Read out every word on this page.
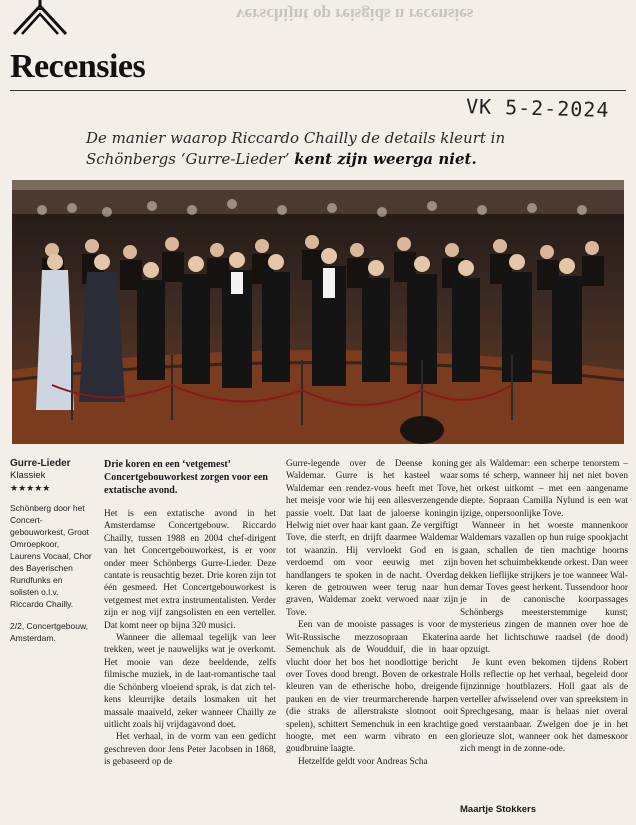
verschijnt op reisgids n recensies
Recensies
VK 5-2-2024
De manier waarop Riccardo Chailly de details kleurt in Schönbergs ‘Gurre-Lieder’ kent zijn weerga niet.
Gurre-Lieder
Klassiek
★★★★★

Schönberg door het Concertgebouworkest, Groot Omroepkoor, Laurens Vocaal, Chor des Bayerischen Rundfunks en solisten o.l.v. Riccardo Chailly.

2/2, Concertgebouw, Amsterdam.

Drie koren en een ‘vetgemest’ Concertgebouworkest zorgen voor een extatische avond.

Het is een extatische avond in het Amsterdamse Concertgebouw. Riccardo Chailly, tussen 1988 en 2004 chef-dirigent van het Concertgebouworkest, is er voor onder meer Schönbergs Gurre-Lieder. Deze cantate is reusachtig bezet. Drie koren zijn tot één gesmeed. Het Concertgebouworkest is vetgemest met extra instrumentalisten. Verder zijn er nog vijf zangsolisten en een verteller. Dat komt neer op bijna 320 musici.

Wanneer die allemaal tegelijk van leer trekken, weet je nauwelijks wat je overkomt. Het mooie van deze beeldende, zelfs filmische muziek, in de laat-romantische taal die Schönberg vloeiend sprak, is dat zich telkens kleurrijke details losmaken uit het massale maaiveld, zeker wanneer Chailly ze uitlicht zoals hij vrijdagavond doet.

Het verhaal, in de vorm van een gedicht geschreven door Jens Peter Jacobsen in 1868, is gebaseerd op de

Gurre-legende over de Deense koning Waldemar. Gurre is het kasteel waar Waldemar een rendez-vous heeft met Tove, het meisje voor wie hij een allesverzengende passie voelt. Dat laat de jaloerse koningin Helwig niet over haar kant gaan. Ze vergiftigt Tove, die sterft, en drijft daarmee Waldemar tot waanzin. Hij vervloekt God en is verdoemd om voor eeuwig met zijn handlangers te spoken in de nacht. Overdag keren de getrouwen weer terug naar hun graven, Waldemar zoekt verwoed naar zijn Tove.

Een van de mooiste passages is voor de Wit-Russische mezzosopraan Ekaterina Semenchuk als de Woudduif, die in haar vlucht door het bos het noodlottige bericht over Toves dood brengt. Boven de orkestrale kleuren van de etherische hobo, dreigende pauken en de vier treurmarcherende harpen (die straks de allerstrakste slotnoot ooit spelen), schittert Semenchuk in een krachtige hoogte, met een warm vibrato en een goudbruine laagte.

Hetzelfde geldt voor Andreas Scha

ger als Waldemar: een scherpe tenorstem – soms té scherp, wanneer hij net niet boven het orkest uitkomt – met een aangename diepte. Sopraan Camilla Nylund is een wat ijzige, onpersoonlijke Tove.

Wanneer in het woeste mannenkoor Waldemars vazallen op hun ruige spookjacht gaan, schallen de tien machtige hoorns boven het schuimbekkende orkest. Dan weer dekken lieflijke strijkers je toe wanneer Waldemar Toves geest herkent. Tussendoor hoor je in de canonische koorpassages Schönbergs meesterstemmige kunst; mysterieus zingen de mannen over hoe de aarde het lichtschuwe raadsel (de dood) opzuigt.

Je kunt even bekomen tijdens Robert Holls reflectie op het verhaal, begeleid door fijnzinnige houtblazers. Holl gaat als de verteller afwisselend over van spreekstem in Sprechgesang, maar is helaas niet overal goed verstaanbaar. Zwelgen doe je in het glorieuze slot, wanneer ook het damesкoor zich mengt in de zonne-ode.

Maartje Stokkers
